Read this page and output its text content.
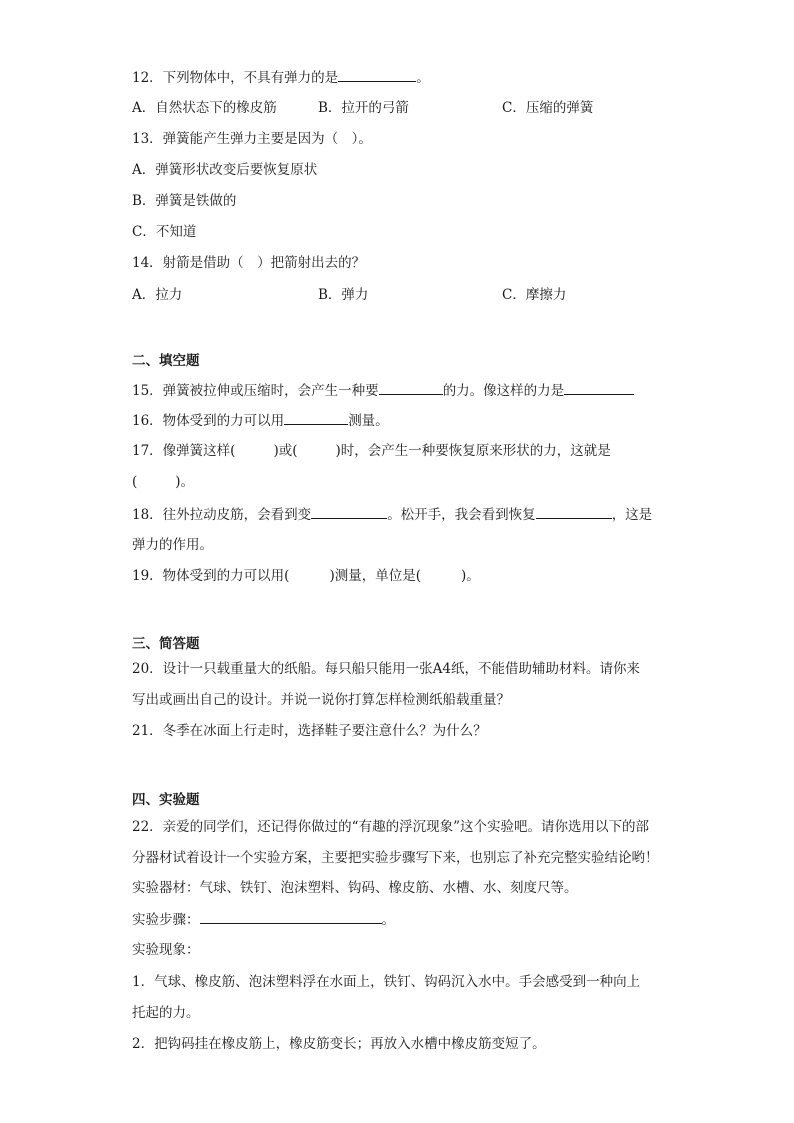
12．下列物体中，不具有弹力的是	。
A．自然状态下的橡皮筋	B．拉开的弓箭	C．压缩的弹簧
13．弹簧能产生弹力主要是因为（　）。
A．弹簧形状改变后要恢复原状
B．弹簧是铁做的
C．不知道
14．射箭是借助（　）把箭射出去的？
A．拉力	B．弹力	C．摩擦力
二、填空题
15．弹簧被拉伸或压缩时，会产生一种要	的力。像这样的力是
16．物体受到的力可以用	测量。
17．像弹簧这样(	)或(	)时，会产生一种要恢复原来形状的力，这就是
(	)。
18．往外拉动皮筋，会看到变	。松开手，我会看到恢复	，这是
弹力的作用。
19．物体受到的力可以用(	)测量，单位是(	)。
三、简答题
20．设计一只载重量大的纸船。每只船只能用一张A4纸，不能借助辅助材料。请你来
写出或画出自己的设计。并说一说你打算怎样检测纸船载重量？
21．冬季在冰面上行走时，选择鞋子要注意什么？为什么？
四、实验题
22．亲爱的同学们，还记得你做过的“有趣的浮沉现象”这个实验吧。请你选用以下的部
分器材试着设计一个实验方案，主要把实验步骤写下来，也别忘了补充完整实验结论哟！
实验器材：气球、铁钉、泡沫塑料、钩码、橡皮筋、水槽、水、刻度尺等。
实验步骤：	。
实验现象：
1．气球、橡皮筋、泡沫塑料浮在水面上，铁钉、钩码沉入水中。手会感受到一种向上
托起的力。
2．把钩码挂在橡皮筋上，橡皮筋变长；再放入水槽中橡皮筋变短了。
